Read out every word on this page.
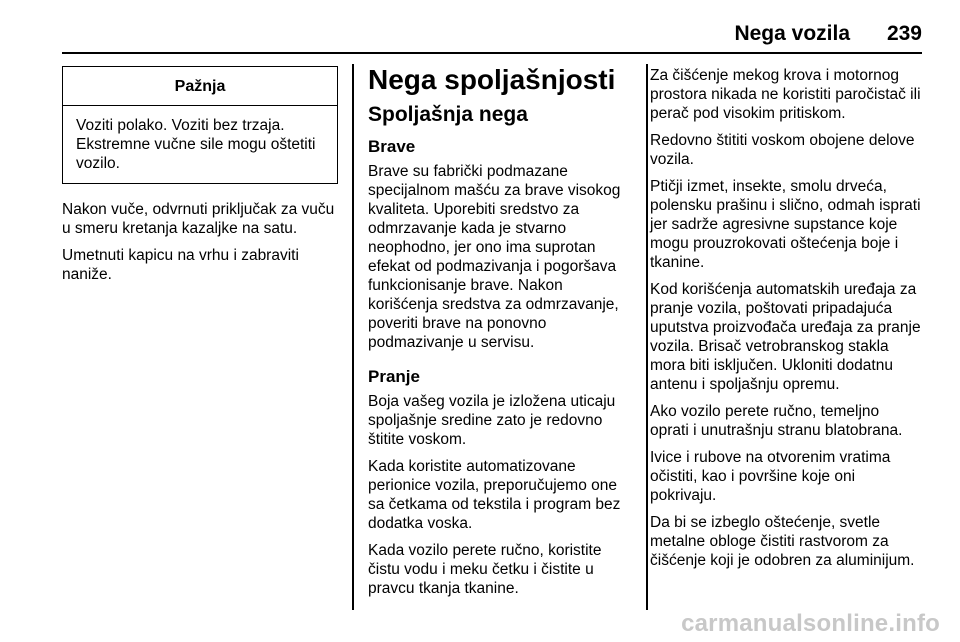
Nega vozila 239
Pažnja
Voziti polako. Voziti bez trzaja. Ekstremne vučne sile mogu oštetiti vozilo.

Nakon vuče, odvrnuti priključak za vuču u smeru kretanja kazaljke na satu.

Umetnuti kapicu na vrhu i zabraviti naniže.

Nega spoljašnjosti
Spoljašnja nega
Brave

Brave su fabrički podmazane specijalnom mašću za brave visokog kvaliteta. Uporebiti sredstvo za odmrzavanje kada je stvarno neophodno, jer ono ima suprotan efekat od podmazivanja i pogoršava funkcionisanje brave. Nakon korišćenja sredstva za odmrzavanje, poveriti brave na ponovno podmazivanje u servisu.

Pranje

Boja vašeg vozila je izložena uticaju spoljašnje sredine zato je redovno štitite voskom.

Kada koristite automatizovane perionice vozila, preporučujemo one sa četkama od tekstila i program bez dodatka voska.

Kada vozilo perete ručno, koristite čistu vodu i meku četku i čistite u pravcu tkanja tkanine.

Za čišćenje mekog krova i motornog prostora nikada ne koristiti paročistač ili perač pod visokim pritiskom.

Redovno štititi voskom obojene delove vozila.

Ptičji izmet, insekte, smolu drveća, polensku prašinu i slično, odmah isprati jer sadrže agresivne supstance koje mogu prouzrokovati oštećenja boje i tkanine.

Kod korišćenja automatskih uređaja za pranje vozila, poštovati pripadajuća uputstva proizvođača uređaja za pranje vozila. Brisač vetrobranskog stakla mora biti isključen. Ukloniti dodatnu antenu i spoljašnju opremu.

Ako vozilo perete ručno, temeljno oprati i unutrašnju stranu blatobrana.

Ivice i rubove na otvorenim vratima očistiti, kao i površine koje oni pokrivaju.

Da bi se izbeglo oštećenje, svetle metalne obloge čistiti rastvorom za čišćenje koji je odobren za aluminijum.

carmanualsonline.info
